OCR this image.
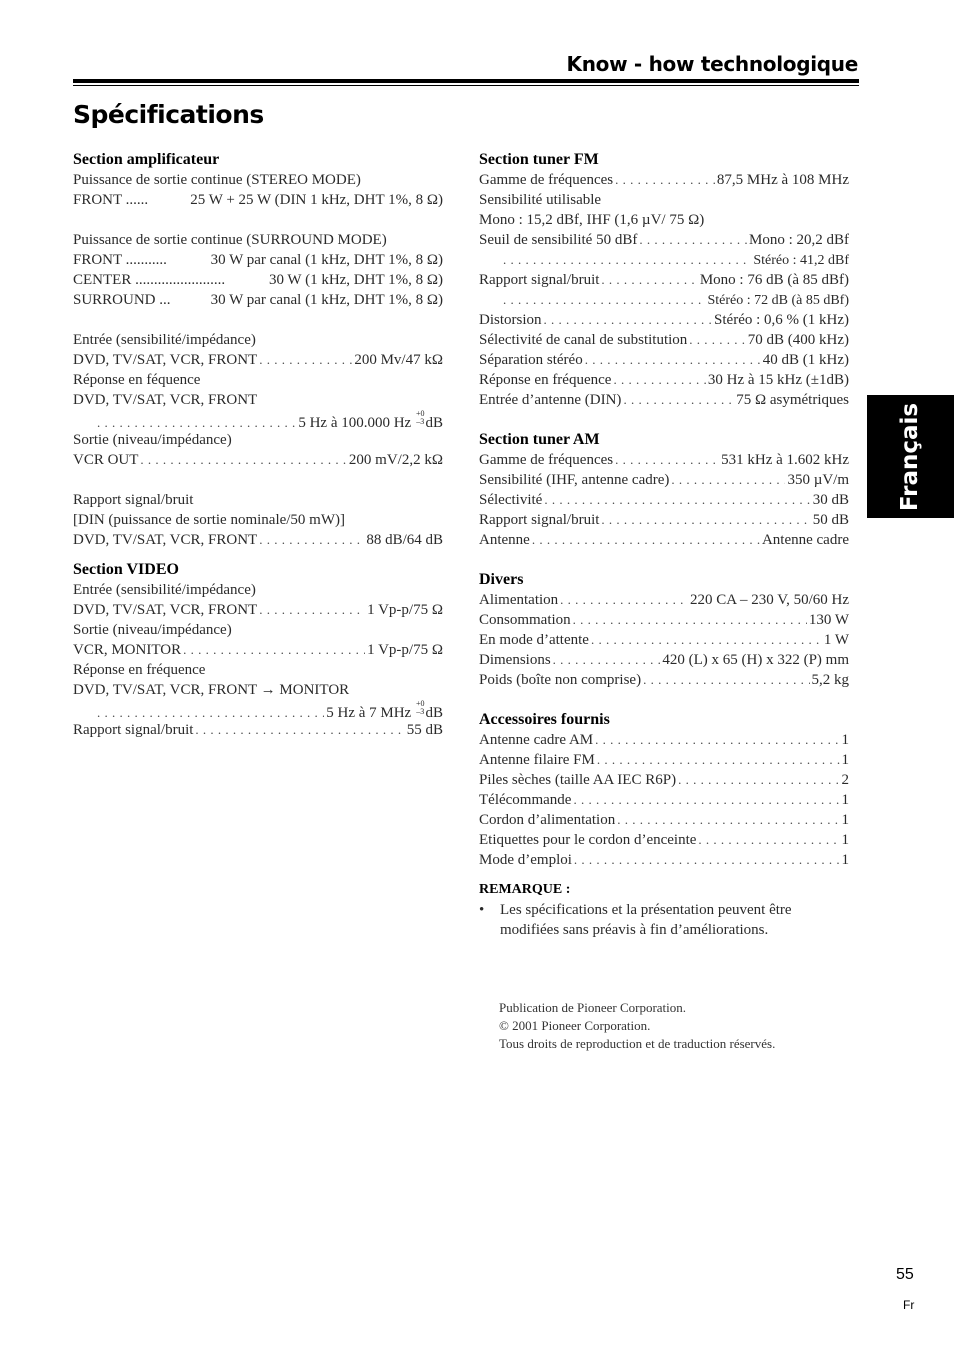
Know - how technologique
Spécifications
Section amplificateur
Puissance de sortie continue (STEREO MODE)
FRONT ......	25 W + 25 W (DIN 1 kHz, DHT 1%, 8 Ω)
Puissance de sortie continue (SURROUND MODE)
FRONT ...........	30 W par canal (1 kHz, DHT 1%, 8 Ω)
CENTER ........................	30 W (1 kHz, DHT 1%, 8 Ω)
SURROUND ...	30 W par canal (1 kHz, DHT 1%, 8 Ω)
Entrée (sensibilité/impédance)
DVD, TV/SAT, VCR, FRONT . . .	200 Mv/47 kΩ
Réponse en féquence
DVD, TV/SAT, VCR, FRONT
. . .
5 Hz à 100.000 Hz
+0
–3 dB
Sortie (niveau/impédance)
VCR OUT . . .	200 mV/2,2 kΩ
Rapport signal/bruit
[DIN (puissance de sortie nominale/50 mW)]
DVD, TV/SAT, VCR, FRONT . . .	88 dB/64 dB
Section VIDEO
Entrée (sensibilité/impédance)
DVD, TV/SAT, VCR, FRONT . . .	1 Vp-p/75 Ω
Sortie (niveau/impédance)
VCR, MONITOR . . .	1 Vp-p/75 Ω
Réponse en fréquence
DVD, TV/SAT, VCR, FRONT → MONITOR
. . .
5 Hz à 7 MHz
+0
–3 dB
Rapport signal/bruit . . .	55 dB
Section tuner FM
Gamme de fréquences . . .	87,5 MHz à 108 MHz
Sensibilité utilisable
Mono : 15,2 dBf, IHF (1,6 µV/ 75 Ω)
Seuil de sensibilité 50 dBf . . .	Mono : 20,2 dBf
. . .
Stéréo : 41,2 dBf
Rapport signal/bruit . . .	Mono : 76 dB (à 85 dBf)
. . .
Stéréo : 72 dB (à 85 dBf)
Distorsion . . .	Stéréo : 0,6 % (1 kHz)
Sélectivité de canal de substitution . . .	70 dB (400 kHz)
Séparation stéréo . . .	40 dB (1 kHz)
Réponse en fréquence . . .	30 Hz à 15 kHz (±1dB)
Entrée d’antenne (DIN) . . .	75 Ω asymétriques
Section tuner AM
Gamme de fréquences . . .	531 kHz à 1.602 kHz
Sensibilité (IHF, antenne cadre) . . .	350 µV/m
Sélectivité . . .	30 dB
Rapport signal/bruit . . .	50 dB
Antenne . . .	Antenne cadre
Divers
Alimentation . . .	220 CA – 230 V, 50/60 Hz
Consommation . . .	130 W
En mode d’attente . . .	1 W
Dimensions . . .	420 (L) x 65 (H) x 322 (P) mm
Poids (boîte non comprise) . . .	5,2 kg
Accessoires fournis
Antenne cadre AM . . .	1
Antenne filaire FM . . .	1
Piles sèches (taille AA IEC R6P) . . .	2
Télécommande . . .	1
Cordon d’alimentation . . .	1
Etiquettes pour le cordon d’enceinte . . .	1
Mode d’emploi . . .	1
REMARQUE :
•	Les spécifications et la présentation peuvent être modifiées sans préavis à fin d’améliorations.
Publication de Pioneer Corporation.
© 2001 Pioneer Corporation.
Tous droits de reproduction et de traduction réservés.
Français
55
Fr
